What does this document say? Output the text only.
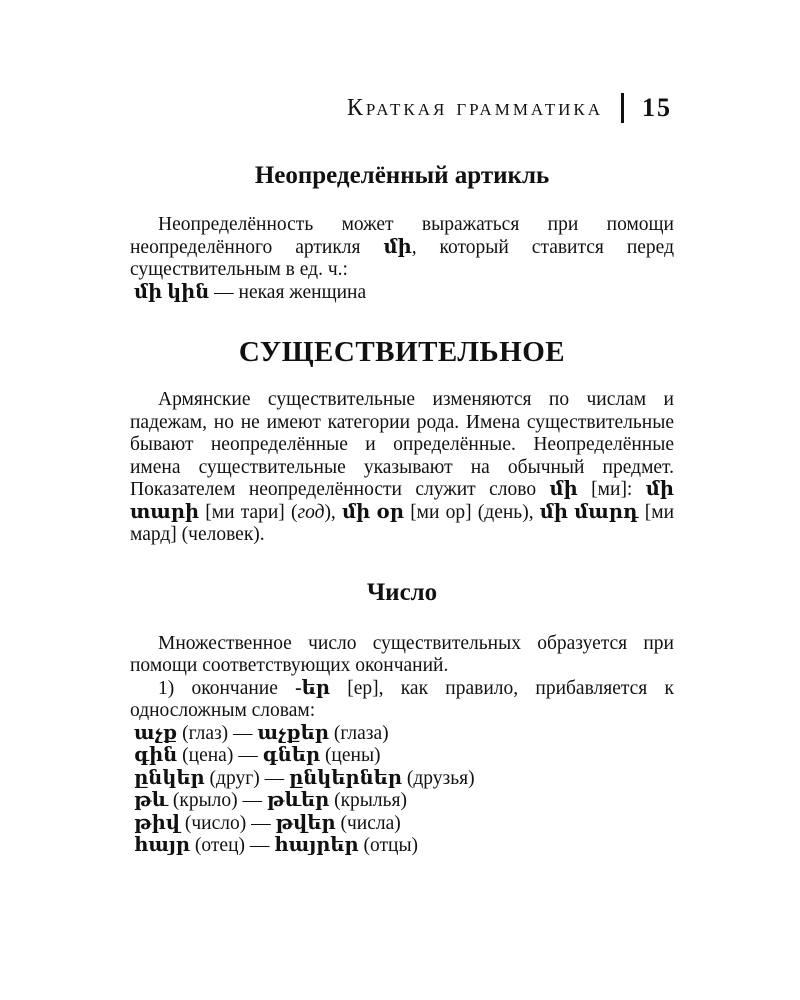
Краткая грамматика 15
Неопределённый артикль

Неопределённость может выражаться при помощи неопределённого артикля մի, который ставится перед существительным в ед. ч.:

մի կին — некая женщина
СУЩЕСТВИТЕЛЬНОЕ

Армянские существительные изменяются по числам и падежам, но не имеют категории рода. Имена существительные бывают неопределённые и определённые. Неопределённые имена существительные указывают на обычный предмет. Показателем неопределённости служит слово մի [ми]: մի տարի [ми тари] (год), մի օր [ми ор] (день), մի մարդ [ми мард] (человек).

Число

Множественное число существительных образуется при помощи соответствующих окончаний.

1) окончание -եր [ер], как правило, прибавляется к односложным словам:

աչք (глаз) — աչքեր (глаза)
գին (цена) — գներ (цены)
ընկեր (друг) — ընկերներ (друзья)
թև (крыло) — թևեր (крылья)
թիվ (число) — թվեր (числа)
հայր (отец) — հայրեր (отцы)
